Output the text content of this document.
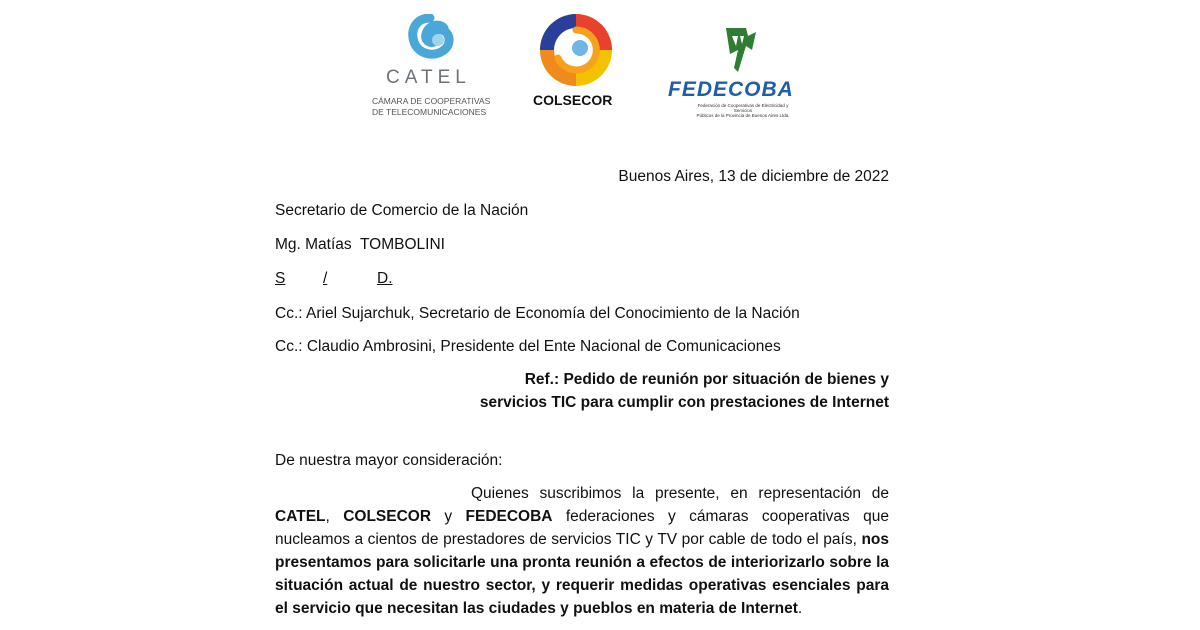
CATEL
CÁMARA DE COOPERATIVAS
DE TELECOMUNICACIONES
COLSECOR	FEDECOBA
Federación de Cooperativas de Electricidad y Servicios
Públicos de la Provincia de Buenos Aires Ltda.
Buenos Aires, 13 de diciembre de 2022
Secretario de Comercio de la Nación
Mg. Matías  TOMBOLINI
S /	D.
Cc.: Ariel Sujarchuk, Secretario de Economía del Conocimiento de la Nación
Cc.: Claudio Ambrosini, Presidente del Ente Nacional de Comunicaciones
Ref.: Pedido de reunión por situación de bienes y
servicios TIC para cumplir con prestaciones de Internet
De nuestra mayor consideración:
Quienes suscribimos la presente, en representación de CATEL, COLSECOR y FEDECOBA federaciones y cámaras cooperativas que nucleamos a cientos de prestadores de servicios TIC y TV por cable de todo el país, nos presentamos para solicitarle una pronta reunión a efectos de interiorizarlo sobre la situación actual de nuestro sector, y requerir medidas operativas esenciales para el servicio que necesitan las ciudades y pueblos en materia de Internet.
